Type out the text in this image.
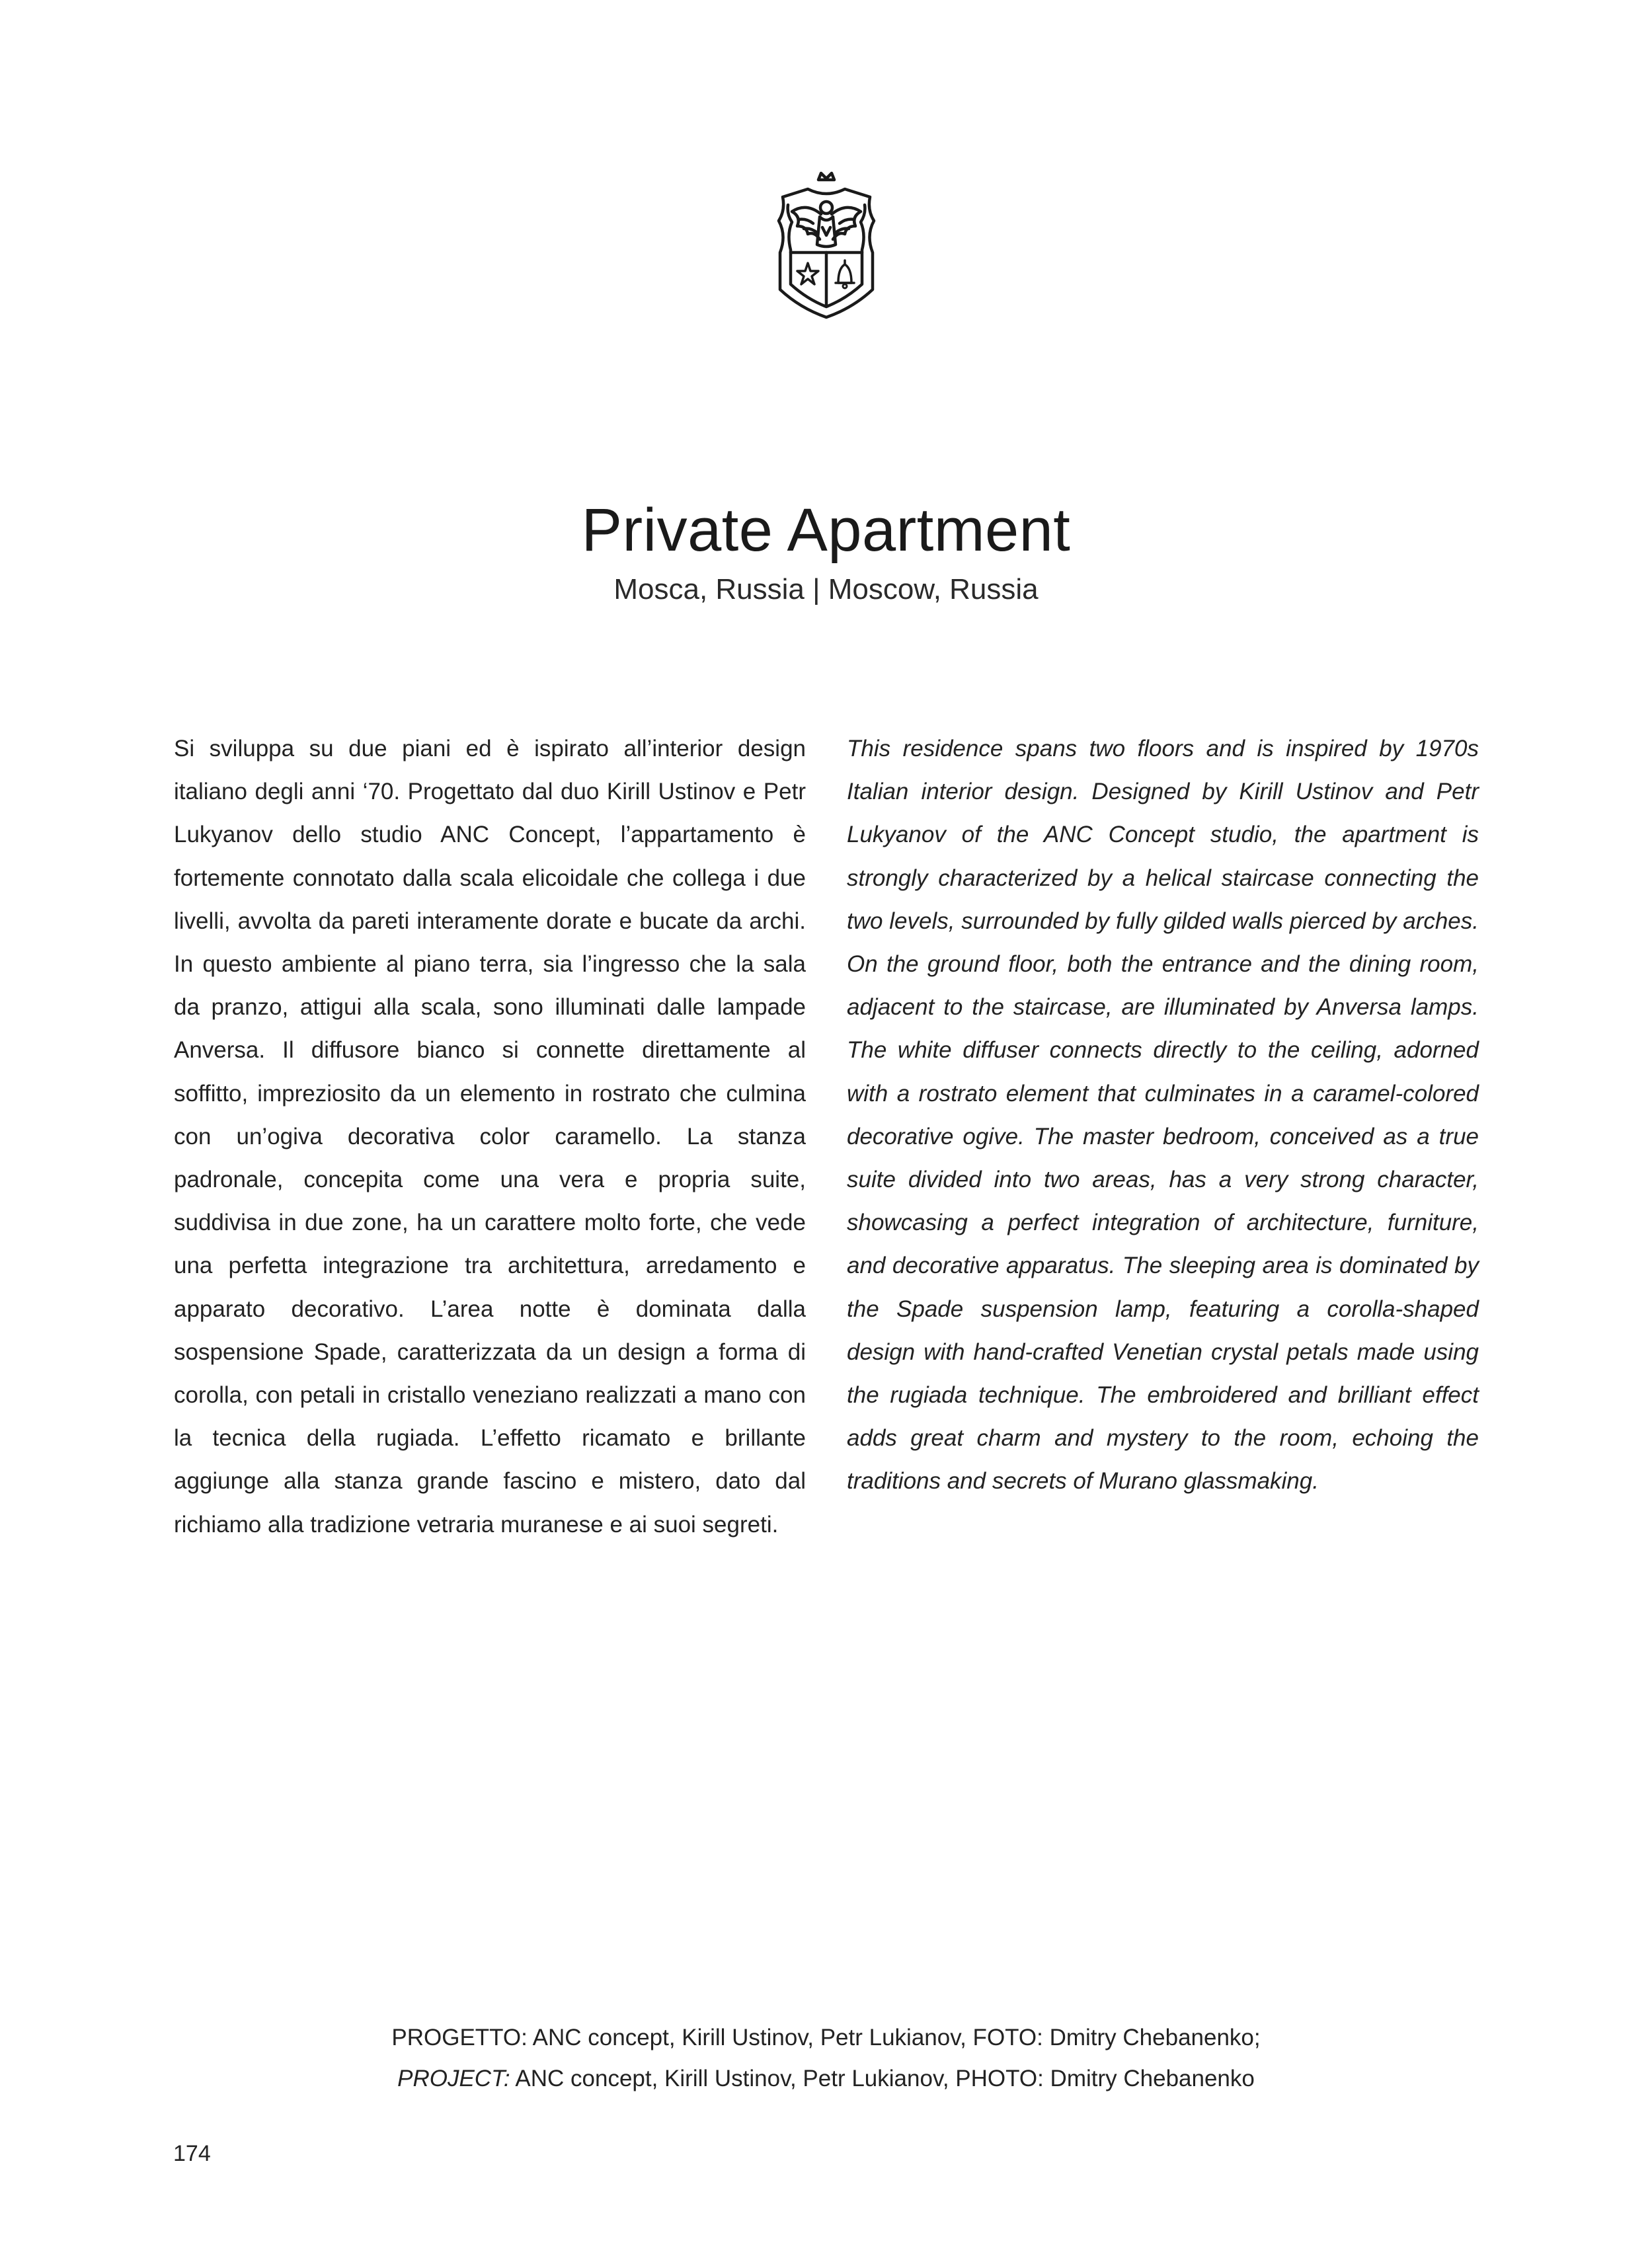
Private Apartment
Mosca, Russia | Moscow, Russia
Si sviluppa su due piani ed è ispirato all’interior design italiano degli anni ‘70. Progettato dal duo Kirill Ustinov e Petr Lukyanov dello studio ANC Concept, l’appartamento è fortemente connotato dalla scala elicoidale che collega i due livelli, avvolta da pareti interamente dorate e bucate da archi. In questo ambiente al piano terra, sia l’ingresso che la sala da pranzo, attigui alla scala, sono illuminati dalle lampade Anversa. Il diffusore bianco si connette direttamente al soffitto, impreziosito da un elemento in rostrato che culmina con un’ogiva decorativa color caramello. La stanza padronale, concepita come una vera e propria suite, suddivisa in due zone, ha un carattere molto forte, che vede una perfetta integrazione tra architettura, arredamento e apparato decorativo. L’area notte è dominata dalla sospensione Spade, caratterizzata da un design a forma di corolla, con petali in cristallo veneziano realizzati a mano con la tecnica della rugiada. L’effetto ricamato e brillante aggiunge alla stanza grande fascino e mistero, dato dal richiamo alla tradizione vetraria muranese e ai suoi segreti.
This residence spans two floors and is inspired by 1970s Italian interior design. Designed by Kirill Ustinov and Petr Lukyanov of the ANC Concept studio, the apartment is strongly characterized by a helical staircase connecting the two levels, surrounded by fully gilded walls pierced by arches. On the ground floor, both the entrance and the dining room, adjacent to the staircase, are illuminated by Anversa lamps. The white diffuser connects directly to the ceiling, adorned with a rostrato element that culminates in a caramel-colored decorative ogive. The master bedroom, conceived as a true suite divided into two areas, has a very strong character, showcasing a perfect integration of architecture, furniture, and decorative apparatus. The sleeping area is dominated by the Spade suspension lamp, featuring a corolla-shaped design with hand-crafted Venetian crystal petals made using the rugiada technique. The embroidered and brilliant effect adds great charm and mystery to the room, echoing the traditions and secrets of Murano glassmaking.
PROGETTO: ANC concept, Kirill Ustinov, Petr Lukianov, FOTO: Dmitry Chebanenko;
PROJECT: ANC concept, Kirill Ustinov, Petr Lukianov, PHOTO: Dmitry Chebanenko
174
